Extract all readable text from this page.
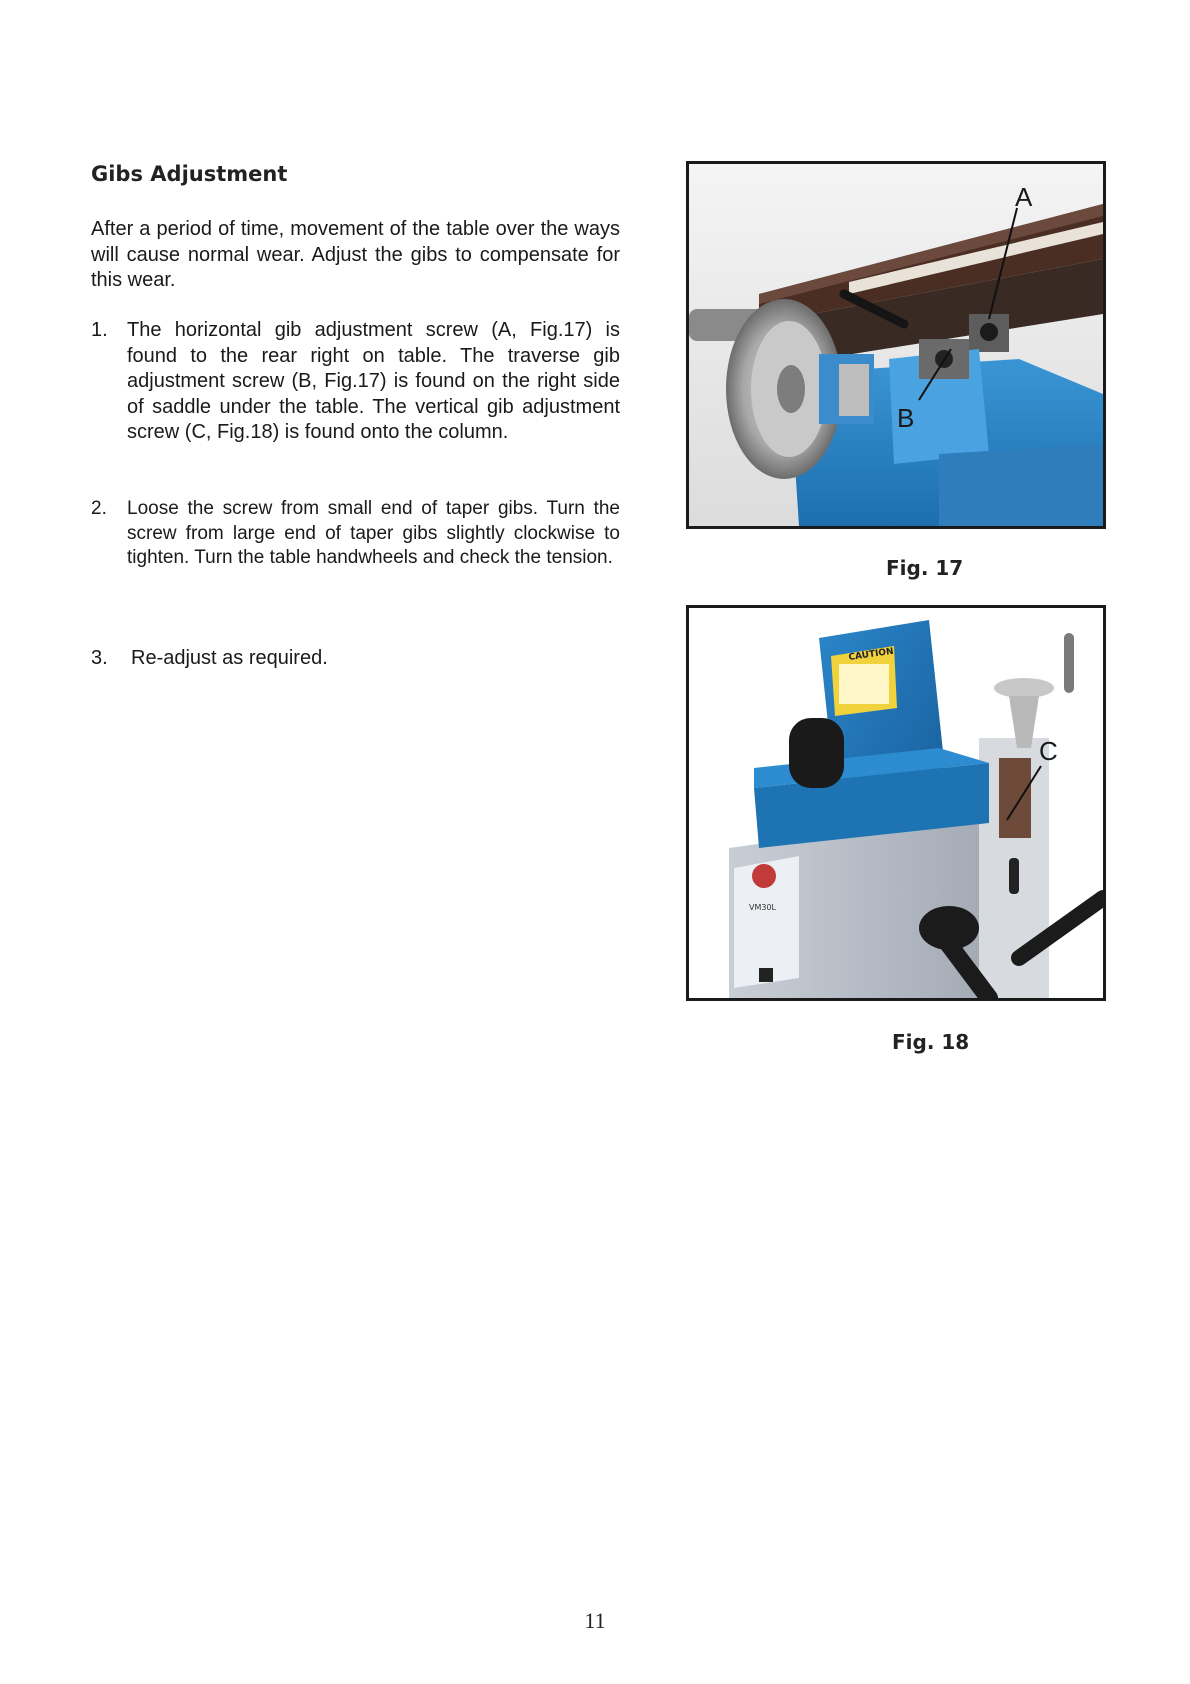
Gibs Adjustment
After a period of time, movement of the table over the ways will cause normal wear. Adjust the gibs to compensate for this wear.
1. The horizontal gib adjustment screw (A, Fig.17) is found to the rear right on table. The traverse gib adjustment screw (B, Fig.17) is found on the right side of saddle under the table. The vertical gib adjustment screw (C, Fig.18) is found onto the column.
2.	Loose the screw from small end of taper gibs. Turn the screw from large end of taper gibs slightly clockwise to tighten. Turn the table handwheels and check the tension.
3.	Re-adjust as required.
A
B
Fig. 17
CAUTION
VM30L
C
Fig. 18
11
